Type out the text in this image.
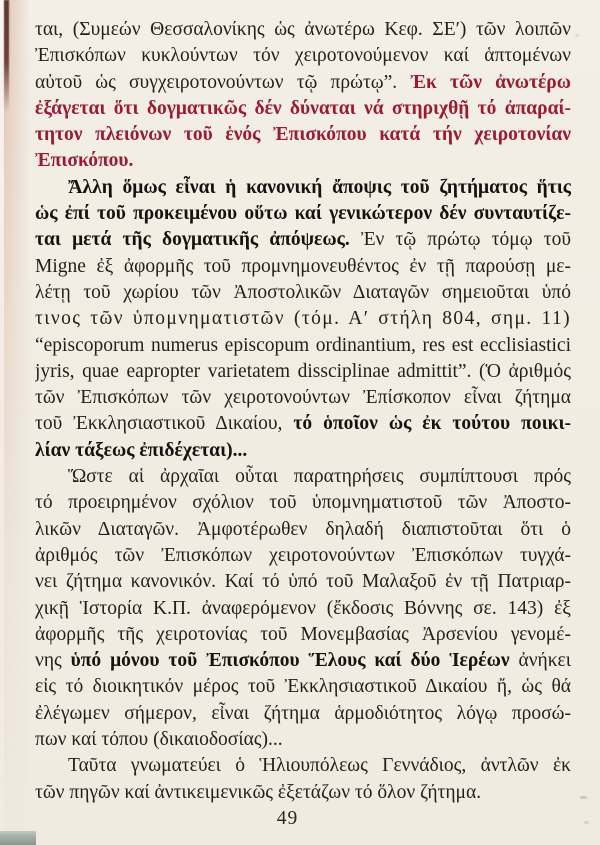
ται, (Συμεών Θεσσαλονίκης ὡς ἀνωτέρω Κεφ. ΣΕ′) τῶν λοιπῶν
Ἐπισκόπων κυκλούντων τόν χειροτονούμενον καί ἁπτομένων
αὐτοῦ ὡς συγχειροτονούντων τῷ πρώτῳ”. Ἐκ τῶν ἀνωτέρω
ἐξάγεται ὅτι δογματικῶς δέν δύναται νά στηριχθῇ τό ἀπαραί-
τητον πλειόνων τοῦ ἑνός Ἐπισκόπου κατά τήν χειροτονίαν
Ἐπισκόπου.
Ἄλλη ὅμως εἶναι ἡ κανονική ἄποψις τοῦ ζητήματος ἥτις
ὡς ἐπί τοῦ προκειμένου οὕτω καί γενικώτερον δέν συνταυτίζε-
ται μετά τῆς δογματικῆς ἀπόψεως. Ἐν τῷ πρώτῳ τόμῳ τοῦ
Migne ἐξ ἀφορμῆς τοῦ προμνημονευθέντος ἐν τῇ παρούσῃ με-
λέτῃ τοῦ χωρίου τῶν Ἀποστολικῶν Διαταγῶν σημειοῦται ὑπό
τινος τῶν ὑπομνηματιστῶν (τόμ. Α′ στήλη 804, σημ. 11)
“episcoporum numerus episcopum ordinantium, res est ecclisiastici
jyris, quae eapropter varietatem dissciplinae admittit”. (Ὁ ἀριθμός
τῶν Ἐπισκόπων τῶν χειροτονούντων Ἐπίσκοπον εἶναι ζήτημα
τοῦ Ἐκκλησιαστικοῦ Δικαίου, τό ὁποῖον ὡς ἐκ τούτου ποικι-
λίαν τάξεως ἐπιδέχεται)...
Ὥστε αἱ ἀρχαῖαι οὗται παρατηρήσεις συμπίπτουσι πρός
τό προειρημένον σχόλιον τοῦ ὑπομνηματιστοῦ τῶν Ἀποστο-
λικῶν Διαταγῶν. Ἀμφοτέρωθεν δηλαδή διαπιστοῦται ὅτι ὁ
ἀριθμός τῶν Ἐπισκόπων χειροτονούντων Ἐπισκόπων τυγχά-
νει ζήτημα κανονικόν. Καί τό ὑπό τοῦ Μαλαξοῦ ἐν τῇ Πατριαρ-
χικῇ Ἱστορία Κ.Π. ἀναφερόμενον (ἔκδοσις Βόννης σε. 143) ἐξ
ἀφορμῆς τῆς χειροτονίας τοῦ Μονεμβασίας Ἀρσενίου γενομέ-
νης ὑπό μόνου τοῦ Ἐπισκόπου Ἕλους καί δύο Ἱερέων ἀνήκει
εἰς τό διοικητικόν μέρος τοῦ Ἐκκλησιαστικοῦ Δικαίου ἤ, ὡς θά
ἐλέγωμεν σήμερον, εἶναι ζήτημα ἁρμοδιότητος λόγῳ προσώ-
πων καί τόπου (δικαιοδοσίας)...
Ταῦτα γνωματεύει ὁ Ἡλιουπόλεως Γεννάδιος, ἀντλῶν ἐκ
τῶν πηγῶν καί ἀντικειμενικῶς ἐξετάζων τό ὅλον ζήτημα.
49
